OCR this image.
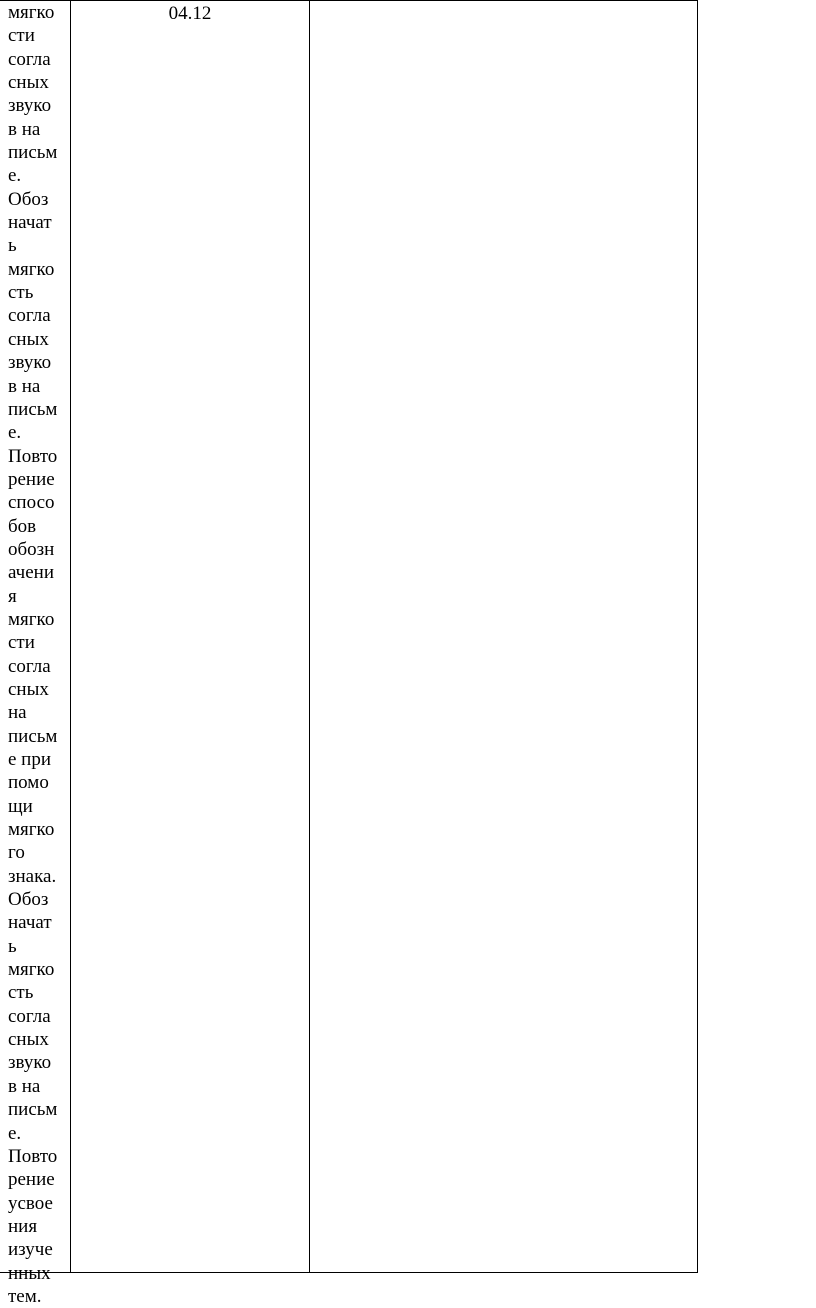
мягко
сти
согла
сных
звуко
в на
письм
е.
Обоз
начат
ь
мягко
сть
согла
сных
звуко
в на
письм
е.
Повто
рение
спосо
бов
обозн
ачени
я
мягко
сти
согла
сных
на
письм
е при
помо
щи
мягко
го
знака.
Обоз
начат
ь
мягко
сть
согла
сных
звуко
в на
письм
е.
Повто
рение
усвое
ния
изуче
нных
тем.

04.12
